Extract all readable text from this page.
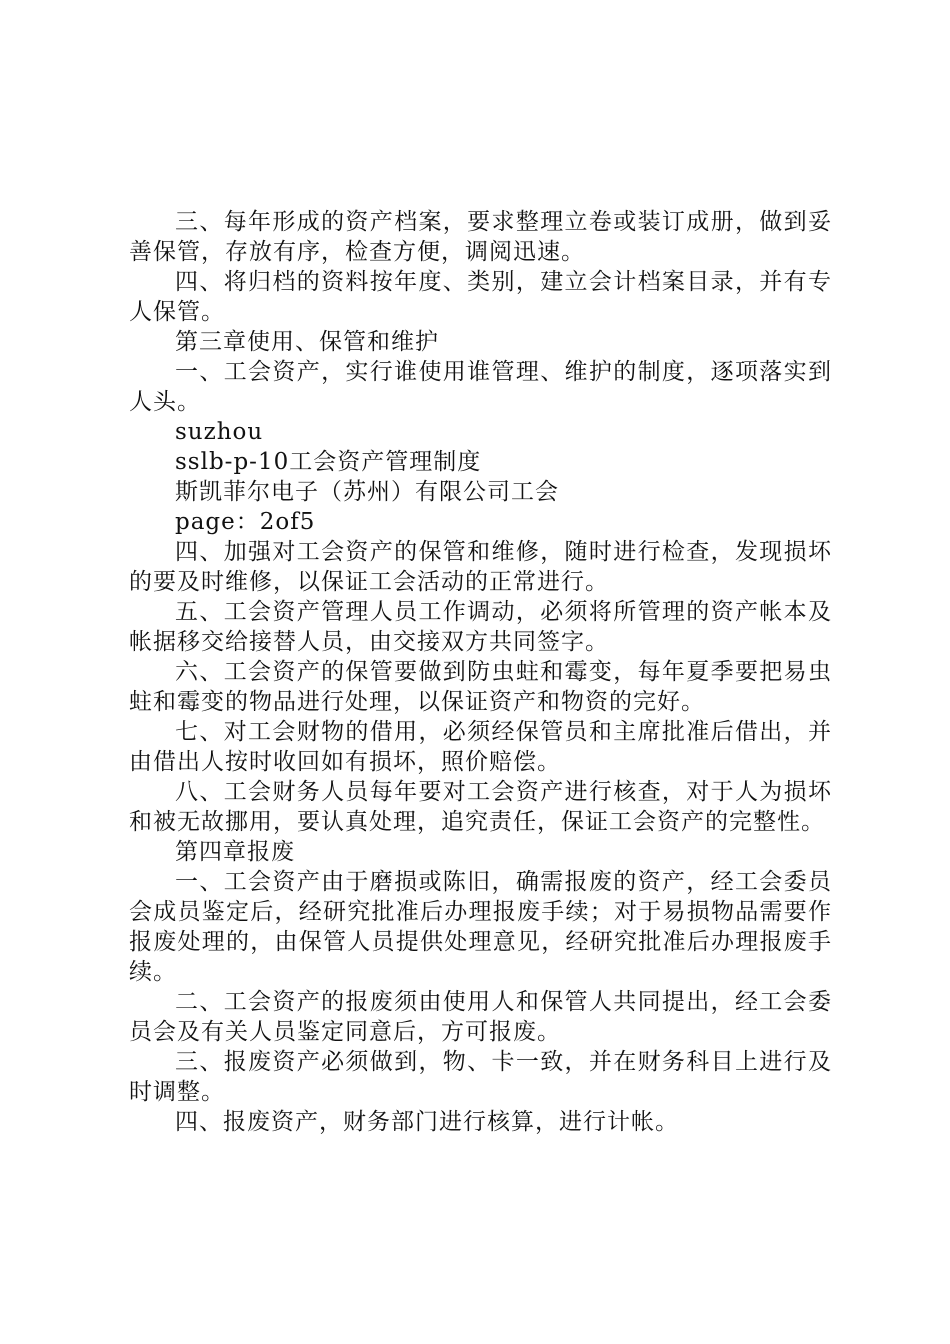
三、每年形成的资产档案，要求整理立卷或装订成册，做到妥善保管，存放有序，检查方便，调阅迅速。

四、将归档的资料按年度、类别，建立会计档案目录，并有专人保管。

第三章使用、保管和维护

一、工会资产，实行谁使用谁管理、维护的制度，逐项落实到人头。

suzhou

sslb-p-10工会资产管理制度

斯凯菲尔电子（苏州）有限公司工会

page：2of5

四、加强对工会资产的保管和维修，随时进行检查，发现损坏的要及时维修，以保证工会活动的正常进行。

五、工会资产管理人员工作调动，必须将所管理的资产帐本及帐据移交给接替人员，由交接双方共同签字。

六、工会资产的保管要做到防虫蛀和霉变，每年夏季要把易虫蛀和霉变的物品进行处理，以保证资产和物资的完好。

七、对工会财物的借用，必须经保管员和主席批准后借出，并由借出人按时收回如有损坏，照价赔偿。

八、工会财务人员每年要对工会资产进行核查，对于人为损坏和被无故挪用，要认真处理，追究责任，保证工会资产的完整性。

第四章报废

一、工会资产由于磨损或陈旧，确需报废的资产，经工会委员会成员鉴定后，经研究批准后办理报废手续；对于易损物品需要作报废处理的，由保管人员提供处理意见，经研究批准后办理报废手续。

二、工会资产的报废须由使用人和保管人共同提出，经工会委员会及有关人员鉴定同意后，方可报废。

三、报废资产必须做到，物、卡一致，并在财务科目上进行及时调整。

四、报废资产，财务部门进行核算，进行计帐。
